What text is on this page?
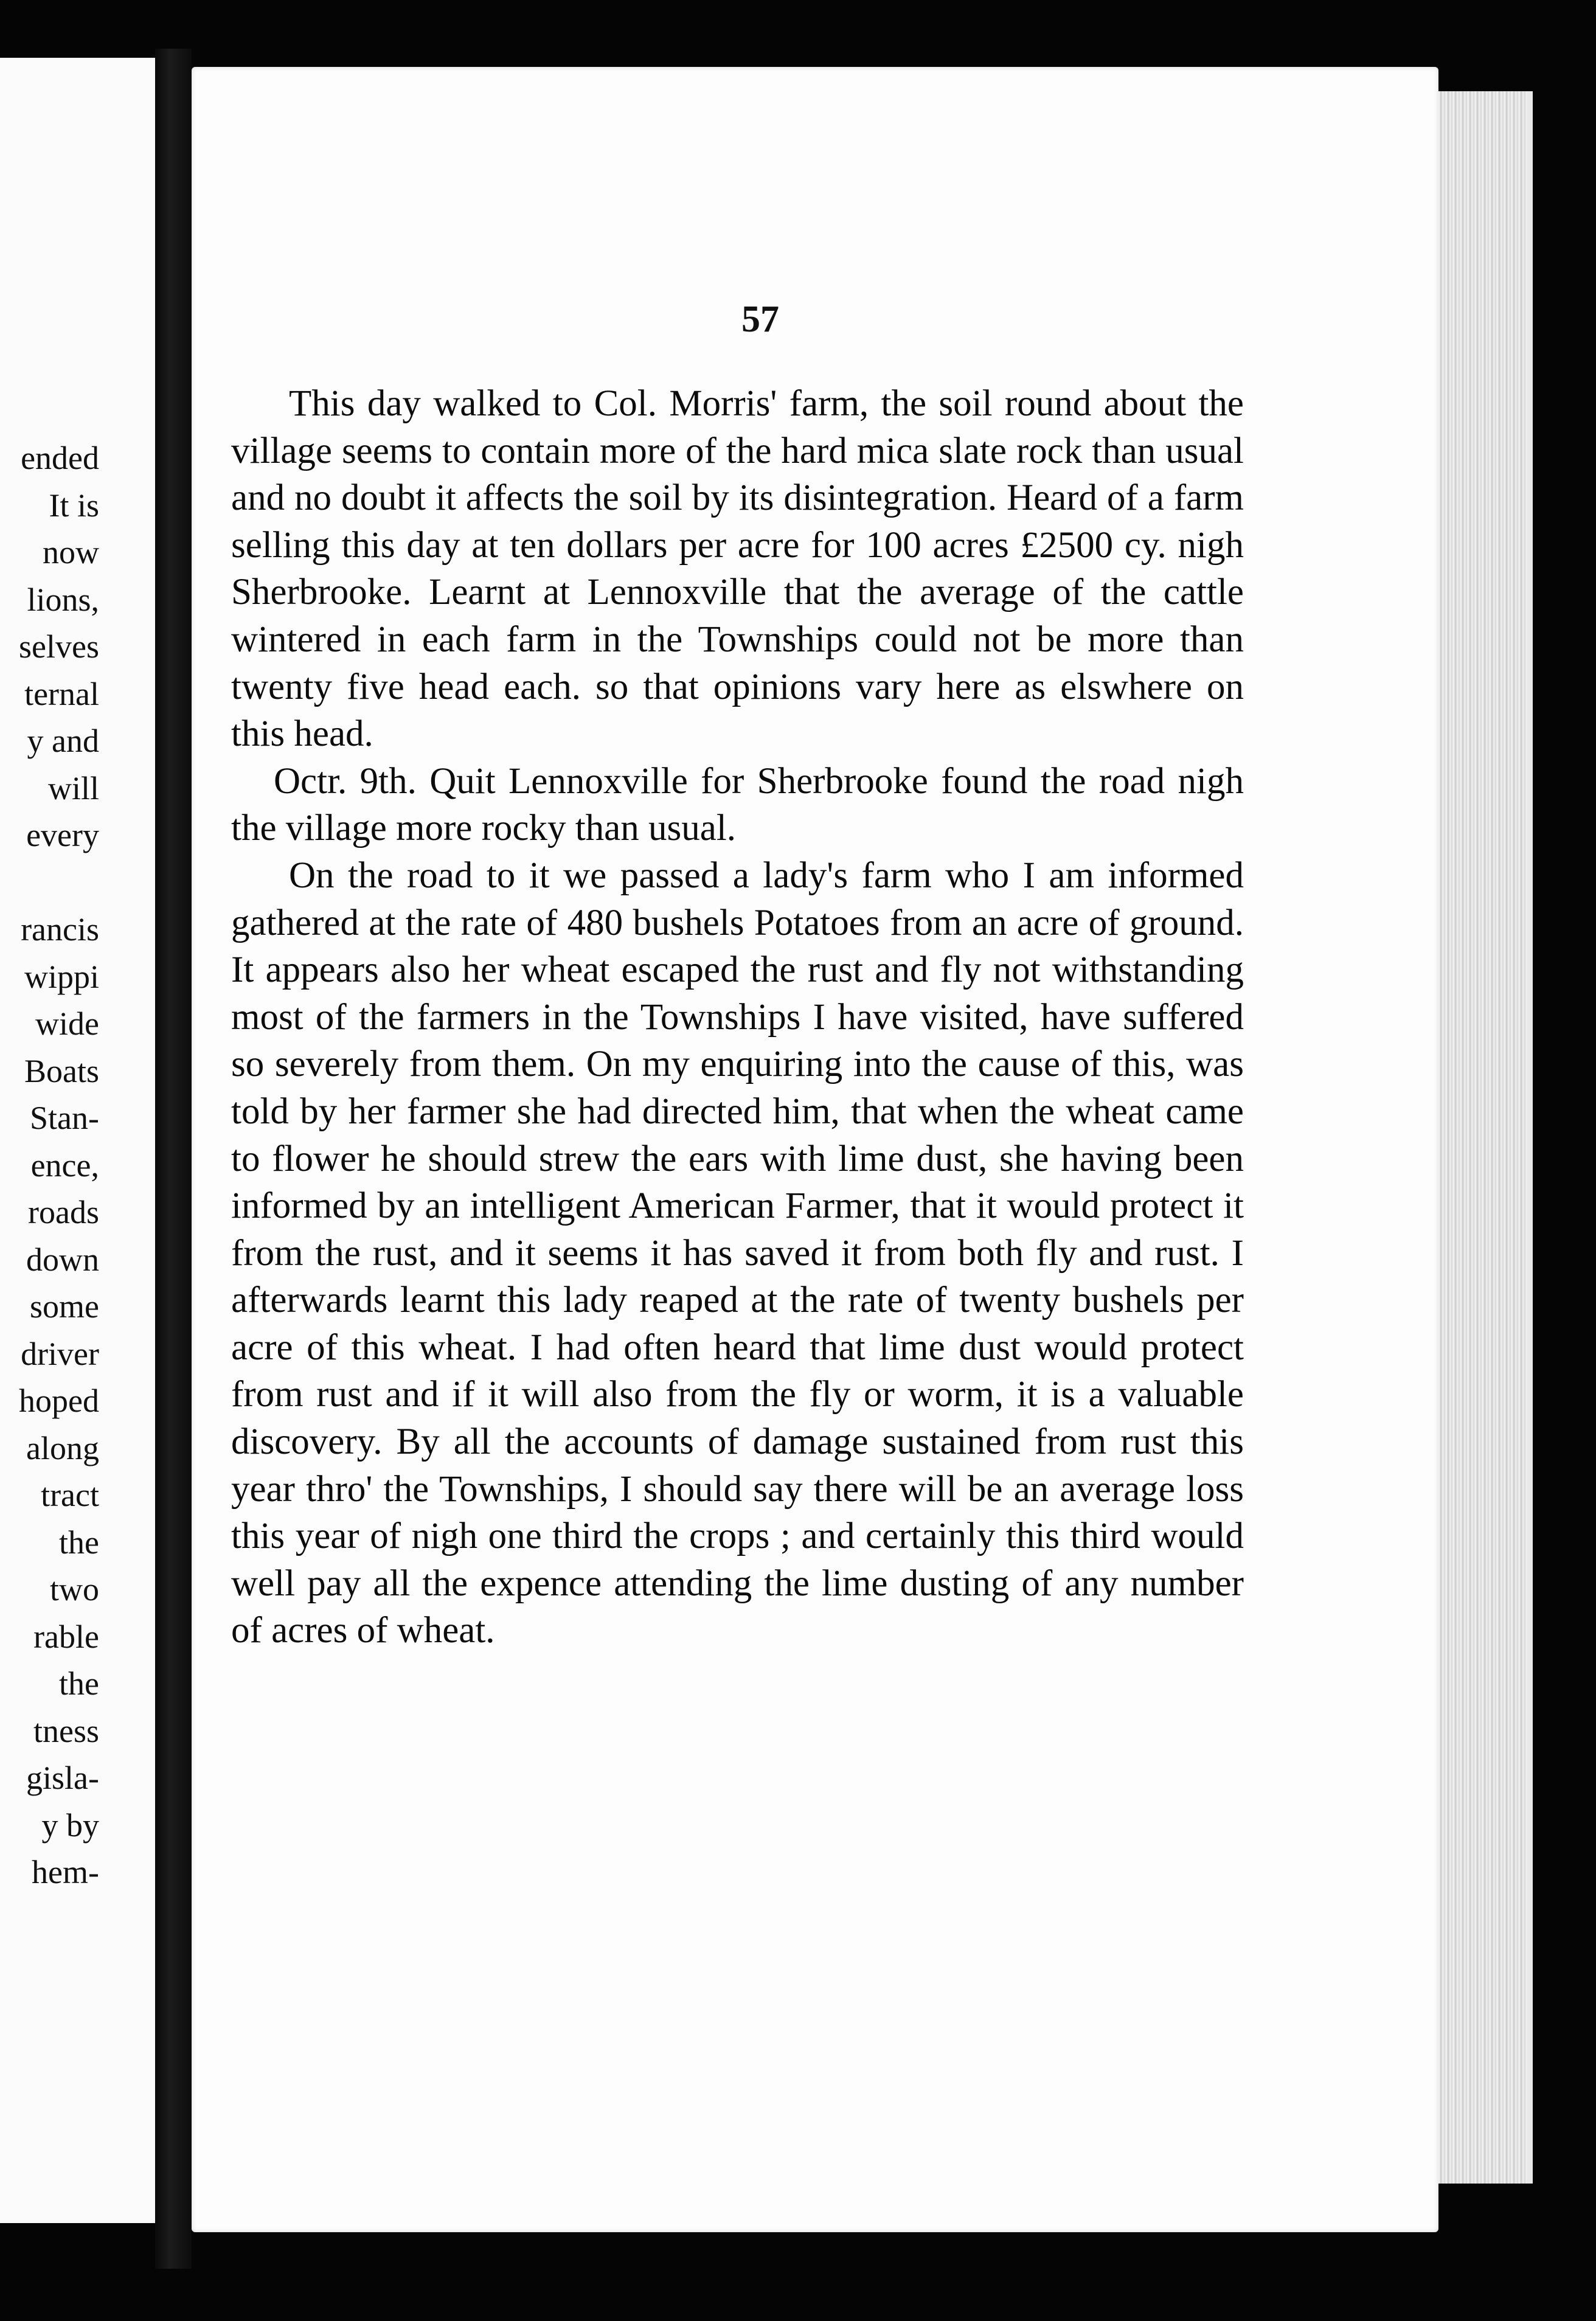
ended
It is
now
lions,
selves
ternal
y and
will
every
rancis
wippi
wide
Boats
Stan-
ence,
roads
down
some
driver
hoped
along
tract
the
two
rable
the
tness
gisla-
y by
hem-
57

This day walked to Col. Morris' farm, the soil round about the village seems to contain more of the hard mica slate rock than usual and no doubt it affects the soil by its disintegration. Heard of a farm selling this day at ten dollars per acre for 100 acres £2500 cy. nigh Sherbrooke. Learnt at Lennoxville that the average of the cattle wintered in each farm in the Townships could not be more than twenty five head each. so that opinions vary here as elswhere on this head.

Octr. 9th. Quit Lennoxville for Sherbrooke found the road nigh the village more rocky than usual.

On the road to it we passed a lady's farm who I am informed gathered at the rate of 480 bushels Potatoes from an acre of ground. It appears also her wheat escaped the rust and fly not withstanding most of the farmers in the Townships I have visited, have suffered so severely from them. On my enquiring into the cause of this, was told by her farmer she had directed him, that when the wheat came to flower he should strew the ears with lime dust, she having been informed by an intelligent American Farmer, that it would protect it from the rust, and it seems it has saved it from both fly and rust. I afterwards learnt this lady reaped at the rate of twenty bushels per acre of this wheat. I had often heard that lime dust would protect from rust and if it will also from the fly or worm, it is a valuable discovery. By all the accounts of damage sustained from rust this year thro' the Townships, I should say there will be an average loss this year of nigh one third the crops ; and certainly this third would well pay all the expence attending the lime dusting of any number of acres of wheat.
